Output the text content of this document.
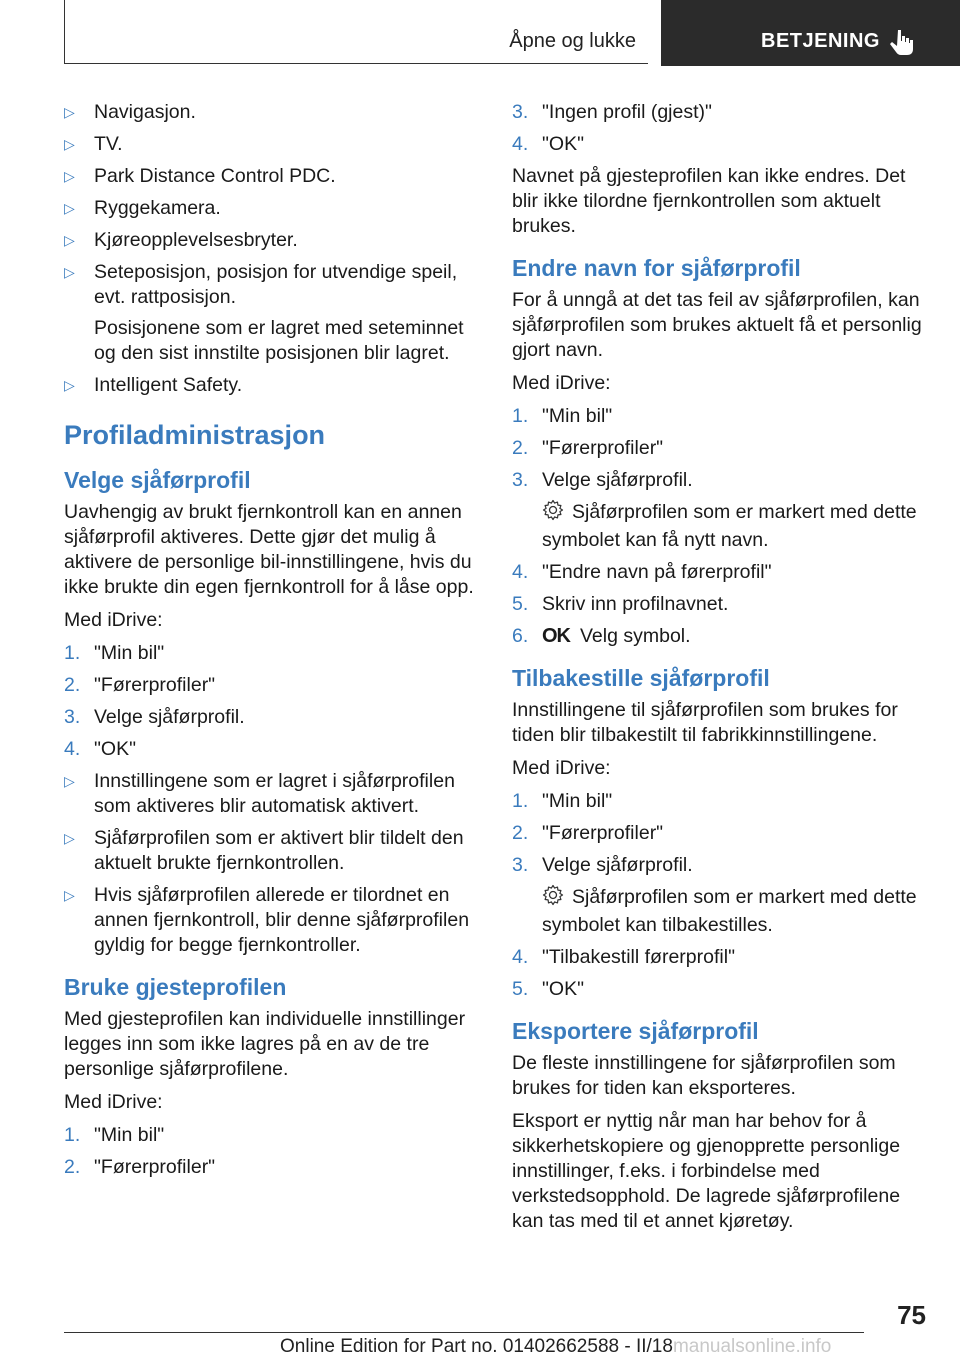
Åpne og lukke	BETJENING
▷ Navigasjon.
▷ TV.
▷ Park Distance Control PDC.
▷ Ryggekamera.
▷ Kjøreopplevelsesbryter.
▷ Seteposisjon, posisjon for utvendige speil, evt. rattposisjon.

Posisjonene som er lagret med seteminnet og den sist innstilte posisjonen blir lagret.

▷ Intelligent Safety.
Profiladministrasjon
Velge sjåførprofil

Uavhengig av brukt fjernkontroll kan en annen sjåførprofil aktiveres. Dette gjør det mulig å aktivere de personlige bil-innstillingene, hvis du ikke brukte din egen fjernkontroll for å låse opp.

Med iDrive:

1. "Min bil"
2. "Førerprofiler"
3. Velge sjåførprofil.
4. "OK"
▷ Innstillingene som er lagret i sjåførprofilen som aktiveres blir automatisk aktivert.
▷ Sjåførprofilen som er aktivert blir tildelt den aktuelt brukte fjernkontrollen.
▷ Hvis sjåførprofilen allerede er tilordnet en annen fjernkontroll, blir denne sjåførprofilen gyldig for begge fjernkontroller.
Bruke gjesteprofilen

Med gjesteprofilen kan individuelle innstillinger legges inn som ikke lagres på en av de tre personlige sjåførprofilene.

Med iDrive:

1. "Min bil"
2. "Førerprofiler"
3. "Ingen profil (gjest)"
4. "OK"

Navnet på gjesteprofilen kan ikke endres. Det blir ikke tilordne fjernkontrollen som aktuelt brukes.

Endre navn for sjåførprofil

For å unngå at det tas feil av sjåførprofilen, kan sjåførprofilen som brukes aktuelt få et personlig gjort navn.

Med iDrive:

1. "Min bil"
2. "Førerprofiler"
3. Velge sjåførprofil.

Sjåførprofilen som er markert med dette symbolet kan få nytt navn.

4. "Endre navn på førerprofil"
5. Skriv inn profilnavnet.
6. OK Velg symbol.
Tilbakestille sjåførprofil

Innstillingene til sjåførprofilen som brukes for tiden blir tilbakestilt til fabrikkinnstillingene.

Med iDrive:

1. "Min bil"
2. "Førerprofiler"
3. Velge sjåførprofil.

Sjåførprofilen som er markert med dette symbolet kan tilbakestilles.

4. "Tilbakestill førerprofil"
5. "OK"
Eksportere sjåførprofil

De fleste innstillingene for sjåførprofilen som brukes for tiden kan eksporteres.

Eksport er nyttig når man har behov for å sikkerhetskopiere og gjenopprette personlige innstillinger, f.eks. i forbindelse med verkstedsopphold. De lagrede sjåførprofilene kan tas med til et annet kjøretøy.

75
Online Edition for Part no. 01402662588 - II/18manualsonline.info
